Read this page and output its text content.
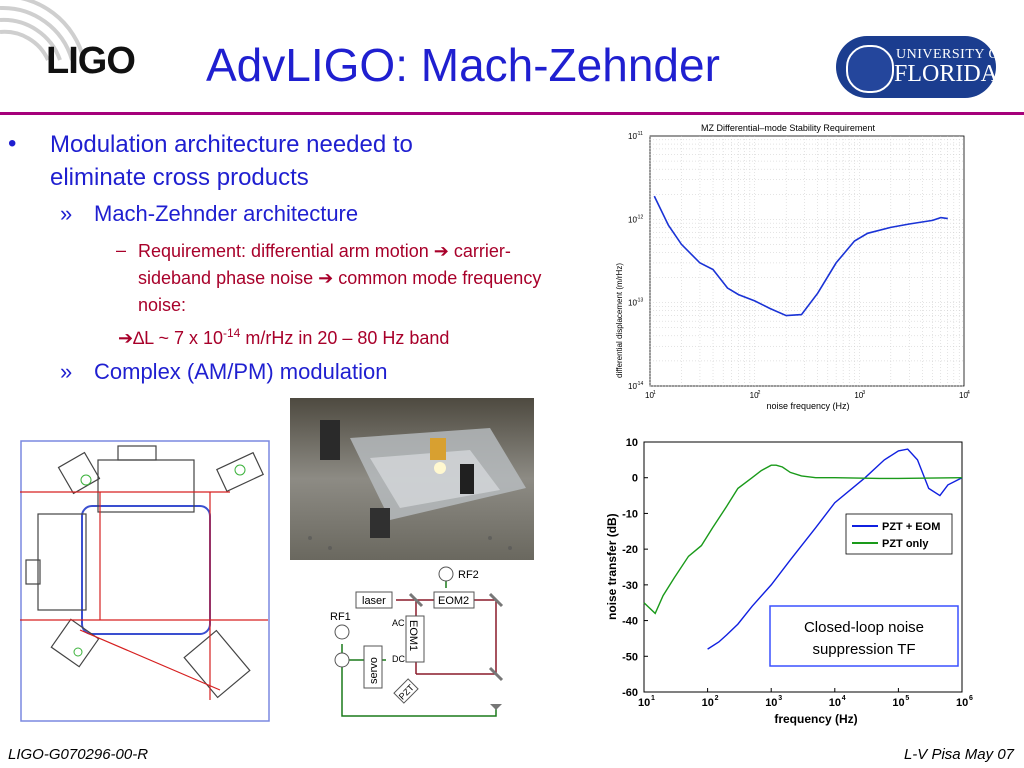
LIGO AdvLIGO: Mach-Zehnder	UNIVERSITY OF
FLORIDA
• Modulation architecture needed to eliminate cross products
» Mach-Zehnder architecture
– Requirement: differential arm motion ➔ carrier-sideband phase noise ➔ common mode frequency noise:
➔∆L ~ 7 x $10^{-14}$ m/rHz in 20 – 80 Hz band
» Complex (AM/PM) modulation
RF2
laser	EOM2
RF1	AC
DC
EOM1
servo
PZT
MZ Differential–mode Stability Requirement
noise frequency (Hz)
differential displacement (m/rHz)
10 1	10 2	10 3	10 4
10 -14
10 -13
10 -12
10 -11
frequency (Hz)
noise transfer (dB)
10 1	10 2	10 3	10 4	10 5	10 6
10
0
-10
-20
-30
-40
-50
-60
PZT + EOM
PZT only
Closed-loop noise
suppression TF
LIGO-G070296-00-R	L-V Pisa May 07
